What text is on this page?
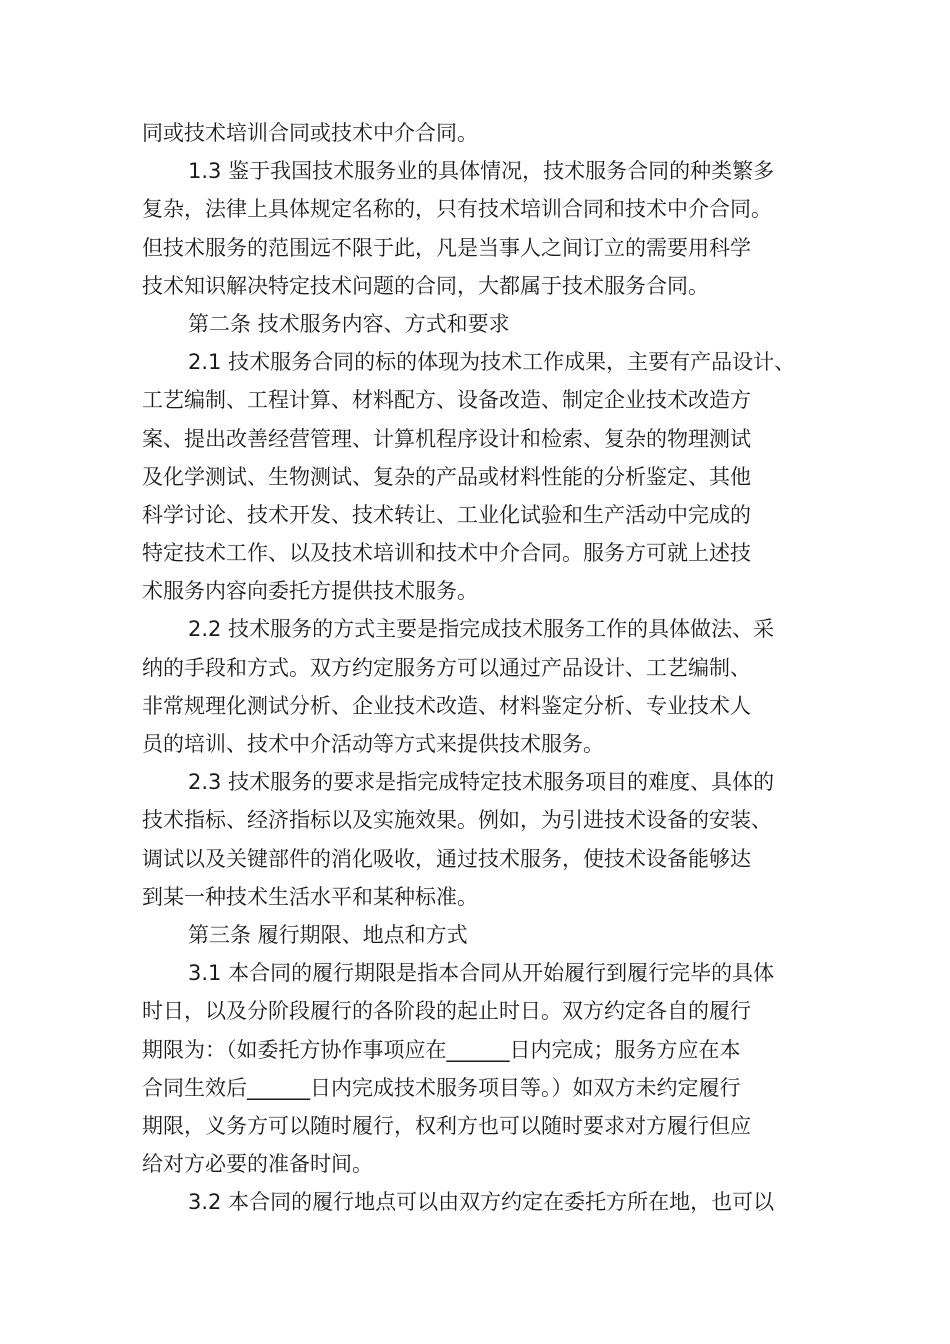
同或技术培训合同或技术中介合同。
1.3 鉴于我国技术服务业的具体情况，技术服务合同的种类繁多
复杂，法律上具体规定名称的，只有技术培训合同和技术中介合同。
但技术服务的范围远不限于此，凡是当事人之间订立的需要用科学
技术知识解决特定技术问题的合同，大都属于技术服务合同。
第二条 技术服务内容、方式和要求
2.1 技术服务合同的标的体现为技术工作成果，主要有产品设计、
工艺编制、工程计算、材料配方、设备改造、制定企业技术改造方
案、提出改善经营管理、计算机程序设计和检索、复杂的物理测试
及化学测试、生物测试、复杂的产品或材料性能的分析鉴定、其他
科学讨论、技术开发、技术转让、工业化试验和生产活动中完成的
特定技术工作、以及技术培训和技术中介合同。服务方可就上述技
术服务内容向委托方提供技术服务。
2.2 技术服务的方式主要是指完成技术服务工作的具体做法、采
纳的手段和方式。双方约定服务方可以通过产品设计、工艺编制、
非常规理化测试分析、企业技术改造、材料鉴定分析、专业技术人
员的培训、技术中介活动等方式来提供技术服务。
2.3 技术服务的要求是指完成特定技术服务项目的难度、具体的
技术指标、经济指标以及实施效果。例如，为引进技术设备的安装、
调试以及关键部件的消化吸收，通过技术服务，使技术设备能够达
到某一种技术生活水平和某种标准。
第三条 履行期限、地点和方式
3.1 本合同的履行期限是指本合同从开始履行到履行完毕的具体
时日，以及分阶段履行的各阶段的起止时日。双方约定各自的履行
期限为：（如委托方协作事项应在______日内完成；服务方应在本
合同生效后______日内完成技术服务项目等。）如双方未约定履行
期限，义务方可以随时履行，权利方也可以随时要求对方履行但应
给对方必要的准备时间。
3.2 本合同的履行地点可以由双方约定在委托方所在地，也可以
